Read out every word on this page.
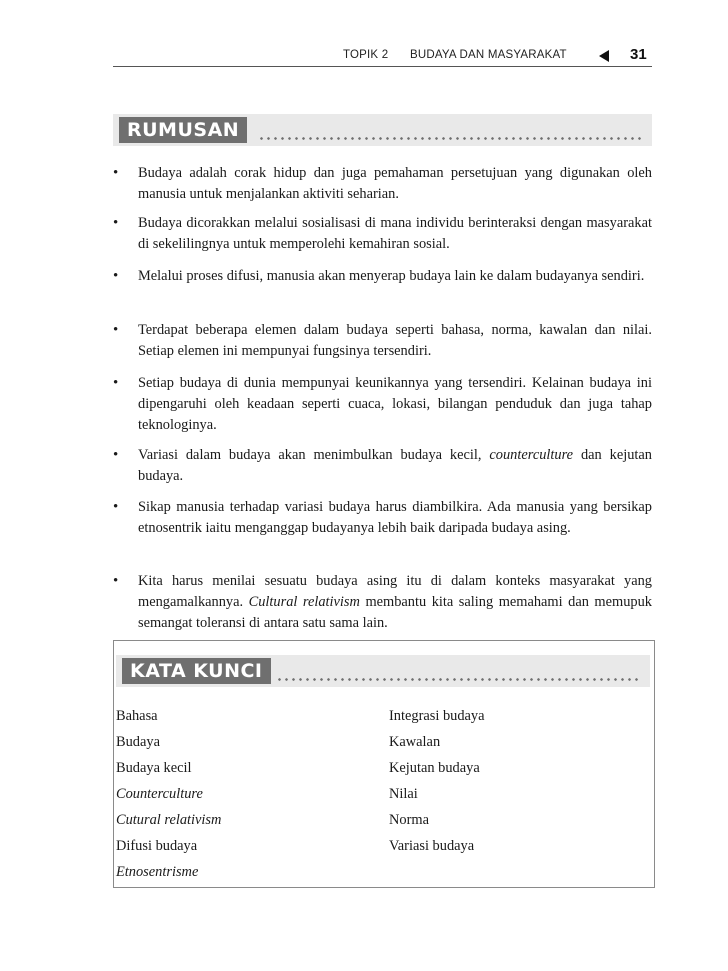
TOPIK 2 BUDAYA DAN MASYARAKAT	31
RUMUSAN
• Budaya adalah corak hidup dan juga pemahaman persetujuan yang digunakan oleh manusia untuk menjalankan aktiviti seharian.
• Budaya dicorakkan melalui sosialisasi di mana individu berinteraksi dengan masyarakat di sekelilingnya untuk memperolehi kemahiran sosial.
• Melalui proses difusi, manusia akan menyerap budaya lain ke dalam budayanya sendiri.
• Terdapat beberapa elemen dalam budaya seperti bahasa, norma, kawalan dan nilai. Setiap elemen ini mempunyai fungsinya tersendiri.
• Setiap budaya di dunia mempunyai keunikannya yang tersendiri. Kelainan budaya ini dipengaruhi oleh keadaan seperti cuaca, lokasi, bilangan penduduk dan juga tahap teknologinya.
• Variasi dalam budaya akan menimbulkan budaya kecil, counterculture dan kejutan budaya.
• Sikap manusia terhadap variasi budaya harus diambilkira. Ada manusia yang bersikap etnosentrik iaitu menganggap budayanya lebih baik daripada budaya asing.
• Kita harus menilai sesuatu budaya asing itu di dalam konteks masyarakat yang mengamalkannya. Cultural relativism membantu kita saling memahami dan memupuk semangat toleransi di antara satu sama lain.
KATA KUNCI
Bahasa
Budaya
Budaya kecil
Counterculture
Cutural relativism
Difusi budaya
Etnosentrisme
Integrasi budaya
Kawalan
Kejutan budaya
Nilai
Norma
Variasi budaya
